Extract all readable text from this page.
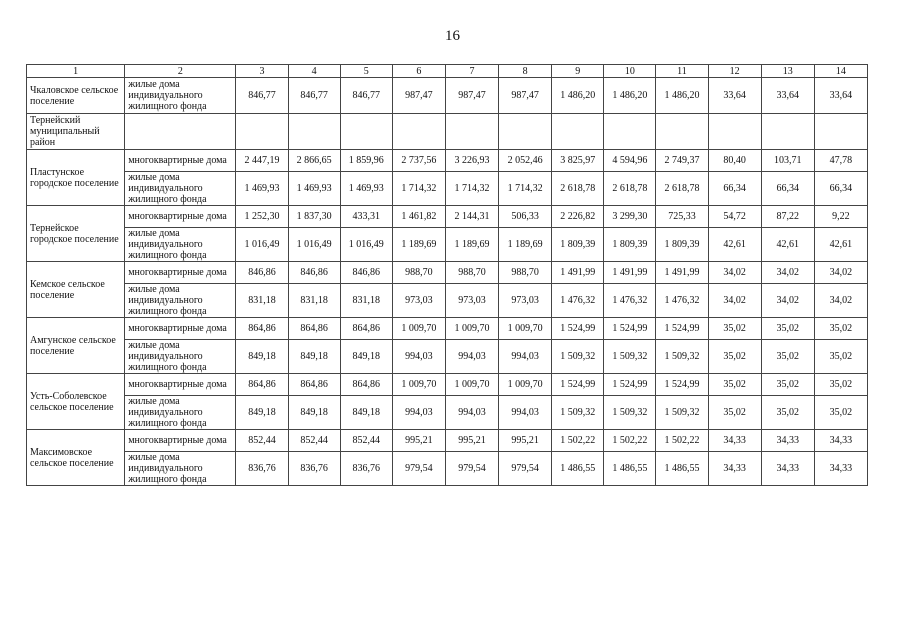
16
1	2	3	4	5	6	7	8	9	10	11	12	13	14
Чкаловское сельское поселение	жилые дома индивидуального жилищного фонда	846,77	846,77	846,77	987,47	987,47	987,47	1 486,20	1 486,20	1 486,20	33,64	33,64	33,64
Тернейский муниципальный район													
Пластунское городское поселение	многоквартирные дома	2 447,19	2 866,65	1 859,96	2 737,56	3 226,93	2 052,46	3 825,97	4 594,96	2 749,37	80,40	103,71	47,78
	жилые дома индивидуального жилищного фонда	1 469,93	1 469,93	1 469,93	1 714,32	1 714,32	1 714,32	2 618,78	2 618,78	2 618,78	66,34	66,34	66,34
Тернейское городское поселение	многоквартирные дома	1 252,30	1 837,30	433,31	1 461,82	2 144,31	506,33	2 226,82	3 299,30	725,33	54,72	87,22	9,22
	жилые дома индивидуального жилищного фонда	1 016,49	1 016,49	1 016,49	1 189,69	1 189,69	1 189,69	1 809,39	1 809,39	1 809,39	42,61	42,61	42,61
Кемское сельское поселение	многоквартирные дома	846,86	846,86	846,86	988,70	988,70	988,70	1 491,99	1 491,99	1 491,99	34,02	34,02	34,02
	жилые дома индивидуального жилищного фонда	831,18	831,18	831,18	973,03	973,03	973,03	1 476,32	1 476,32	1 476,32	34,02	34,02	34,02
Амгунское сельское поселение	многоквартирные дома	864,86	864,86	864,86	1 009,70	1 009,70	1 009,70	1 524,99	1 524,99	1 524,99	35,02	35,02	35,02
	жилые дома индивидуального жилищного фонда	849,18	849,18	849,18	994,03	994,03	994,03	1 509,32	1 509,32	1 509,32	35,02	35,02	35,02
Усть-Соболевское сельское поселение	многоквартирные дома	864,86	864,86	864,86	1 009,70	1 009,70	1 009,70	1 524,99	1 524,99	1 524,99	35,02	35,02	35,02
	жилые дома индивидуального жилищного фонда	849,18	849,18	849,18	994,03	994,03	994,03	1 509,32	1 509,32	1 509,32	35,02	35,02	35,02
Максимовское сельское поселение	многоквартирные дома	852,44	852,44	852,44	995,21	995,21	995,21	1 502,22	1 502,22	1 502,22	34,33	34,33	34,33
	жилые дома индивидуального жилищного фонда	836,76	836,76	836,76	979,54	979,54	979,54	1 486,55	1 486,55	1 486,55	34,33	34,33	34,33
